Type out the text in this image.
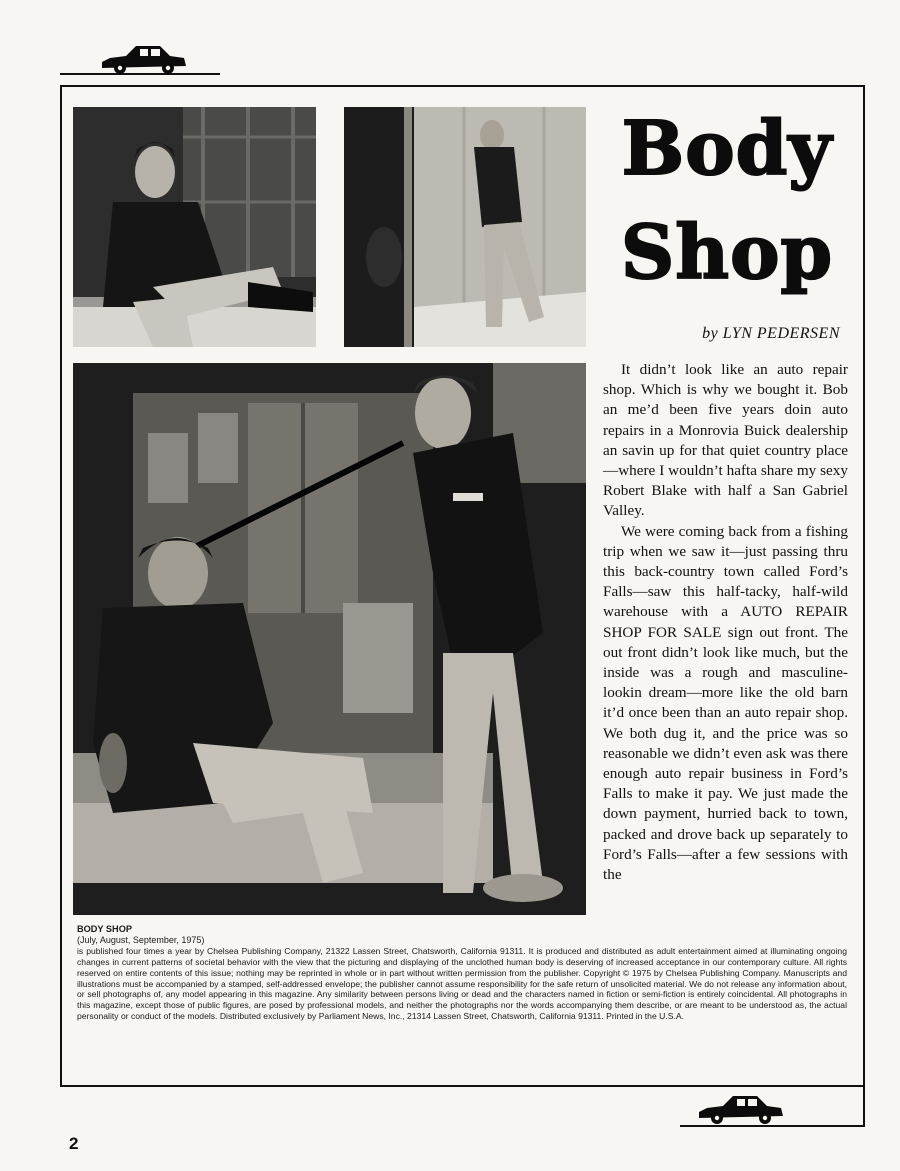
Body
Shop
by LYN PEDERSEN

It didn’t look like an auto repair shop. Which is why we bought it. Bob an me’d been five years doin auto repairs in a Monrovia Buick dealership an savin up for that quiet country place—where I wouldn’t hafta share my sexy Robert Blake with half a San Gabriel Valley.

We were coming back from a fishing trip when we saw it—just passing thru this back-country town called Ford’s Falls—saw this half-tacky, half-wild warehouse with a AUTO REPAIR SHOP FOR SALE sign out front. The out front didn’t look like much, but the inside was a rough and masculine-lookin dream—more like the old barn it’d once been than an auto repair shop. We both dug it, and the price was so reasonable we didn’t even ask was there enough auto repair business in Ford’s Falls to make it pay. We just made the down payment, hurried back to town, packed and drove back up separately to Ford’s Falls—after a few sessions with the

BODY SHOP
(July, August, September, 1975)
is published four times a year by Chelsea Publishing Company, 21322 Lassen Street, Chatsworth, California 91311. It is produced and distributed as adult entertainment aimed at illuminating ongoing changes in current patterns of societal behavior with the view that the picturing and displaying of the unclothed human body is deserving of increased acceptance in our contemporary culture. All rights reserved on entire contents of this issue; nothing may be reprinted in whole or in part without written permission from the publisher. Copyright © 1975 by Chelsea Publishing Company. Manuscripts and illustrations must be accompanied by a stamped, self-addressed envelope; the publisher cannot assume responsibility for the safe return of unsolicited material. We do not release any information about, or sell photographs of, any model appearing in this magazine. Any similarity between persons living or dead and the characters named in fiction or semi-fiction is entirely coincidental. All photographs in this magazine, except those of public figures, are posed by professional models, and neither the photographs nor the words accompanying them describe, or are meant to be understood as, the actual personality or conduct of the models. Distributed exclusively by Parliament News, Inc., 21314 Lassen Street, Chatsworth, California 91311. Printed in the U.S.A.
2
